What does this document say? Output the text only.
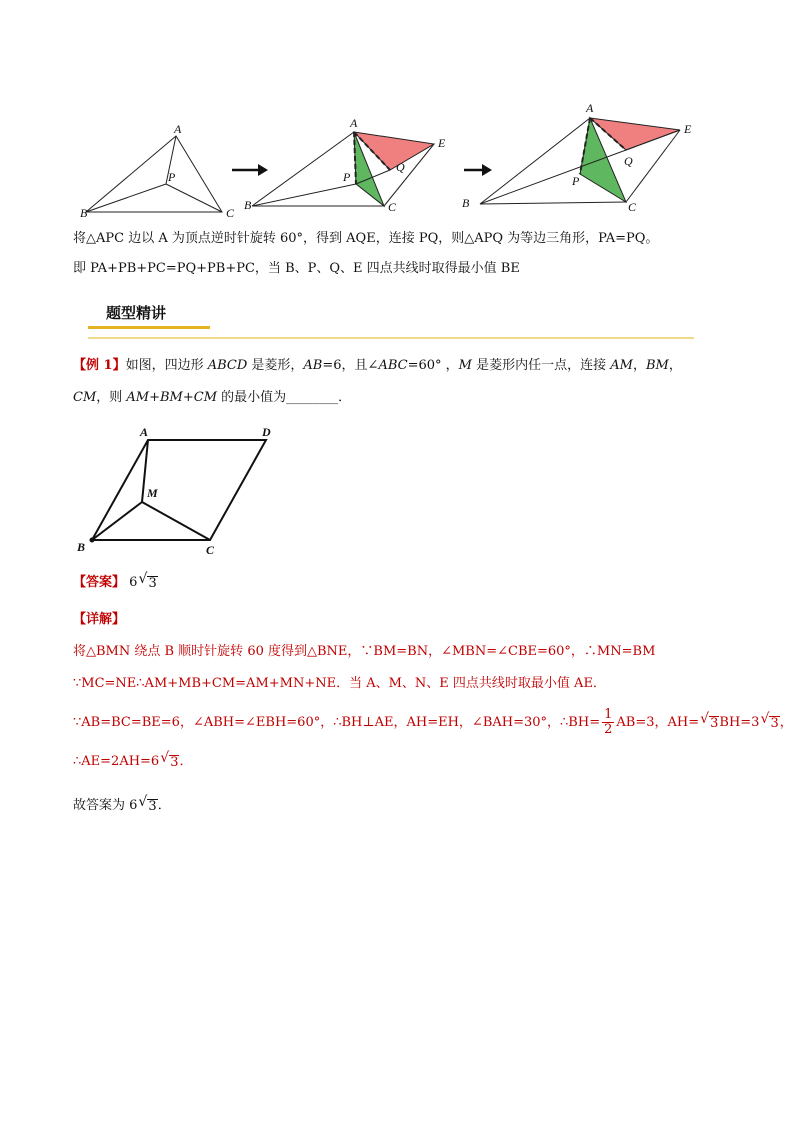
A
P
B	C
A
E
P
Q
B	C
A
E
Q
P
B	C
将△APC 边以 A 为顶点逆时针旋转 60°，得到 AQE，连接 PQ，则△APQ 为等边三角形，PA=PQ。
即 PA+PB+PC=PQ+PB+PC，当 B、P、Q、E 四点共线时取得最小值 BE
题型精讲
【例 1】如图，四边形 ABCD 是菱形，AB=6，且∠ABC=60° ，M 是菱形内任一点，连接 AM，BM，
CM，则 AM+BM+CM 的最小值为________．
A	D
M
B	C
【答案】 6 √ 3
【详解】
将△BMN 绕点 B 顺时针旋转 60 度得到△BNE，∵BM=BN，∠MBN=∠CBE=60°，∴MN=BM
∵MC=NE∴AM+MB+CM=AM+MN+NE．当 A、M、N、E 四点共线时取最小值 AE．
∵AB=BC=BE=6，∠ABH=∠EBH=60°，∴BH⊥AE，AH=EH，∠BAH=30°，∴BH= $\frac{1}{2} AB=3$，AH= √ 3BH=3 √ 3，
∴AE=2AH=6 √ 3．
故答案为 6 √ 3．
